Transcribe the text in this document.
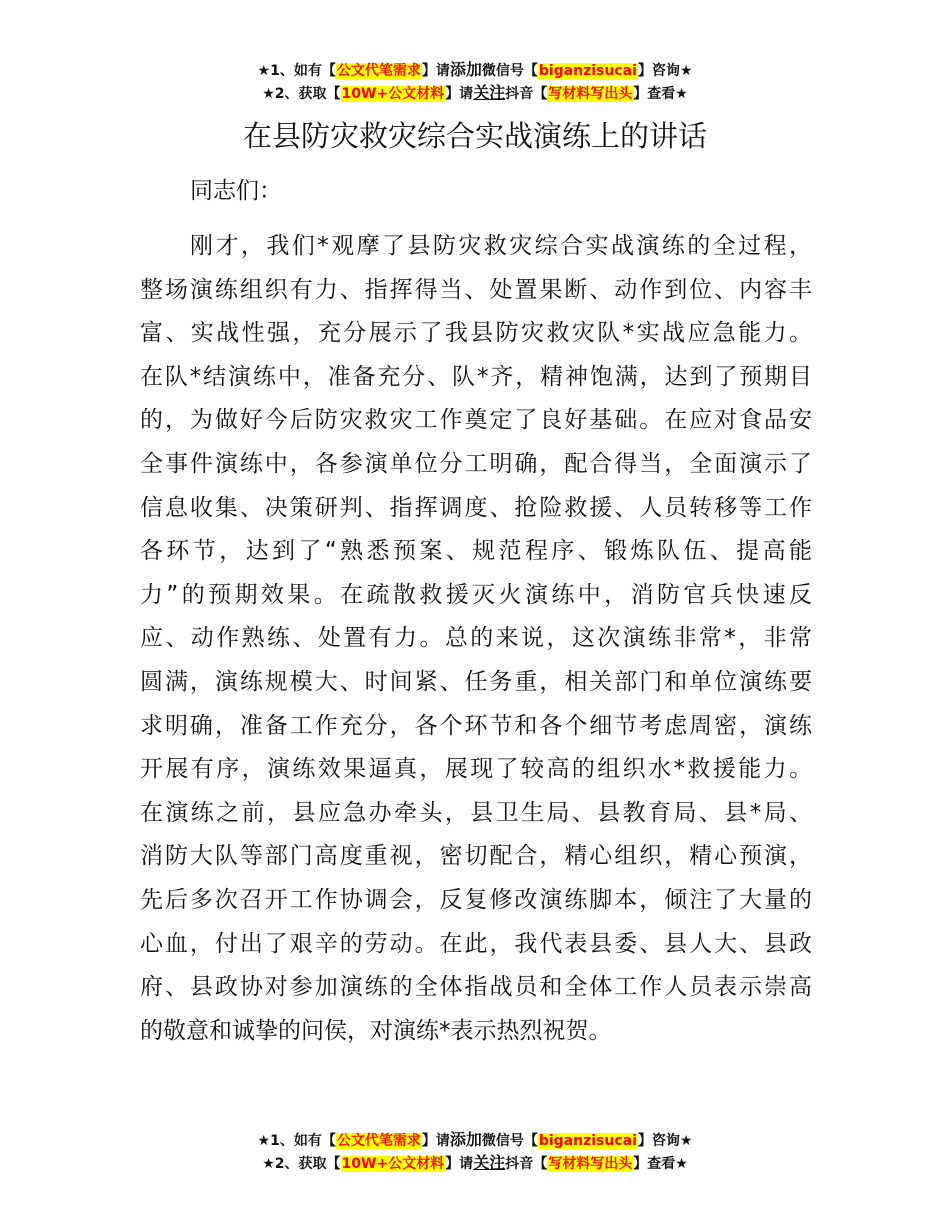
★1、如有【公文代笔需求】请添加微信号【biganzisucai】咨询★
★2、获取【10W+公文材料】请关注抖音【写材料写出头】查看★
在县防灾救灾综合实战演练上的讲话
同志们：
刚才，我们*观摩了县防灾救灾综合实战演练的全过程，
整场演练组织有力、指挥得当、处置果断、动作到位、内容丰
富、实战性强，充分展示了我县防灾救灾队*实战应急能力。
在队*结演练中，准备充分、队*齐，精神饱满，达到了预期目
的，为做好今后防灾救灾工作奠定了良好基础。在应对食品安
全事件演练中，各参演单位分工明确，配合得当，全面演示了
信息收集、决策研判、指挥调度、抢险救援、人员转移等工作
各环节，达到了“熟悉预案、规范程序、锻炼队伍、提高能
力”的预期效果。在疏散救援灭火演练中，消防官兵快速反
应、动作熟练、处置有力。总的来说，这次演练非常*，非常
圆满，演练规模大、时间紧、任务重，相关部门和单位演练要
求明确，准备工作充分，各个环节和各个细节考虑周密，演练
开展有序，演练效果逼真，展现了较高的组织水*救援能力。
在演练之前，县应急办牵头，县卫生局、县教育局、县*局、
消防大队等部门高度重视，密切配合，精心组织，精心预演，
先后多次召开工作协调会，反复修改演练脚本，倾注了大量的
心血，付出了艰辛的劳动。在此，我代表县委、县人大、县政
府、县政协对参加演练的全体指战员和全体工作人员表示崇高
的敬意和诚挚的问侯，对演练*表示热烈祝贺。
★1、如有【公文代笔需求】请添加微信号【biganzisucai】咨询★
★2、获取【10W+公文材料】请关注抖音【写材料写出头】查看★
